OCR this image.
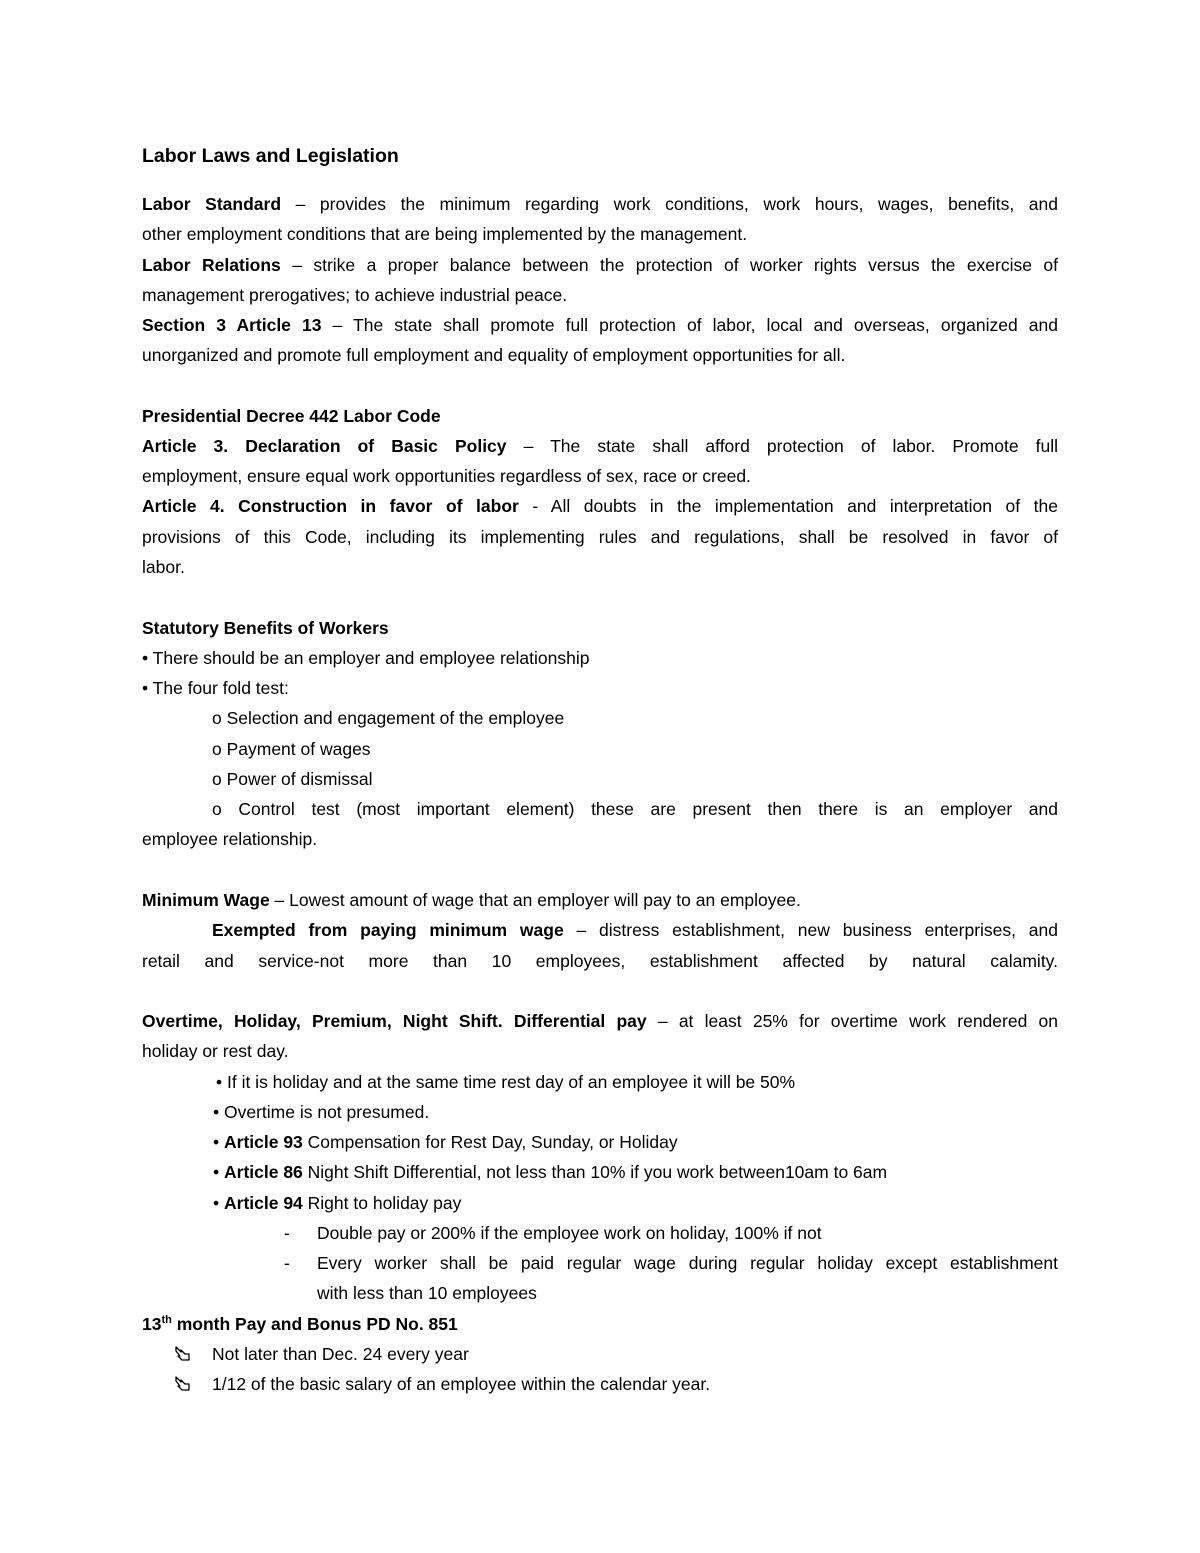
Labor Laws and Legislation
Labor Standard – provides the minimum regarding work conditions, work hours, wages, benefits, and
other employment conditions that are being implemented by the management.
Labor Relations – strike a proper balance between the protection of worker rights versus the exercise of
management prerogatives; to achieve industrial peace.
Section 3 Article 13 – The state shall promote full protection of labor, local and overseas, organized and
unorganized and promote full employment and equality of employment opportunities for all.
Presidential Decree 442 Labor Code
Article 3. Declaration of Basic Policy – The state shall afford protection of labor. Promote full
employment, ensure equal work opportunities regardless of sex, race or creed.
Article 4. Construction in favor of labor - All doubts in the implementation and interpretation of the
provisions of this Code, including its implementing rules and regulations, shall be resolved in favor of
labor.
Statutory Benefits of Workers
• There should be an employer and employee relationship
• The four fold test:
o Selection and engagement of the employee
o Payment of wages
o Power of dismissal
o Control test (most important element) these are present then there is an employer and
employee relationship.
Minimum Wage – Lowest amount of wage that an employer will pay to an employee.
Exempted from paying minimum wage – distress establishment, new business enterprises, and
retail and service-not more than 10 employees, establishment affected by natural calamity.
Overtime, Holiday, Premium, Night Shift. Differential pay – at least 25% for overtime work rendered on
holiday or rest day.
• If it is holiday and at the same time rest day of an employee it will be 50%
• Overtime is not presumed.
• Article 93 Compensation for Rest Day, Sunday, or Holiday
• Article 86 Night Shift Differential, not less than 10% if you work between10am to 6am
• Article 94 Right to holiday pay
-	Double pay or 200% if the employee work on holiday, 100% if not
-	Every worker shall be paid regular wage during regular holiday except establishment
with less than 10 employees
13th month Pay and Bonus PD No. 851
Not later than Dec. 24 every year
1/12 of the basic salary of an employee within the calendar year.
